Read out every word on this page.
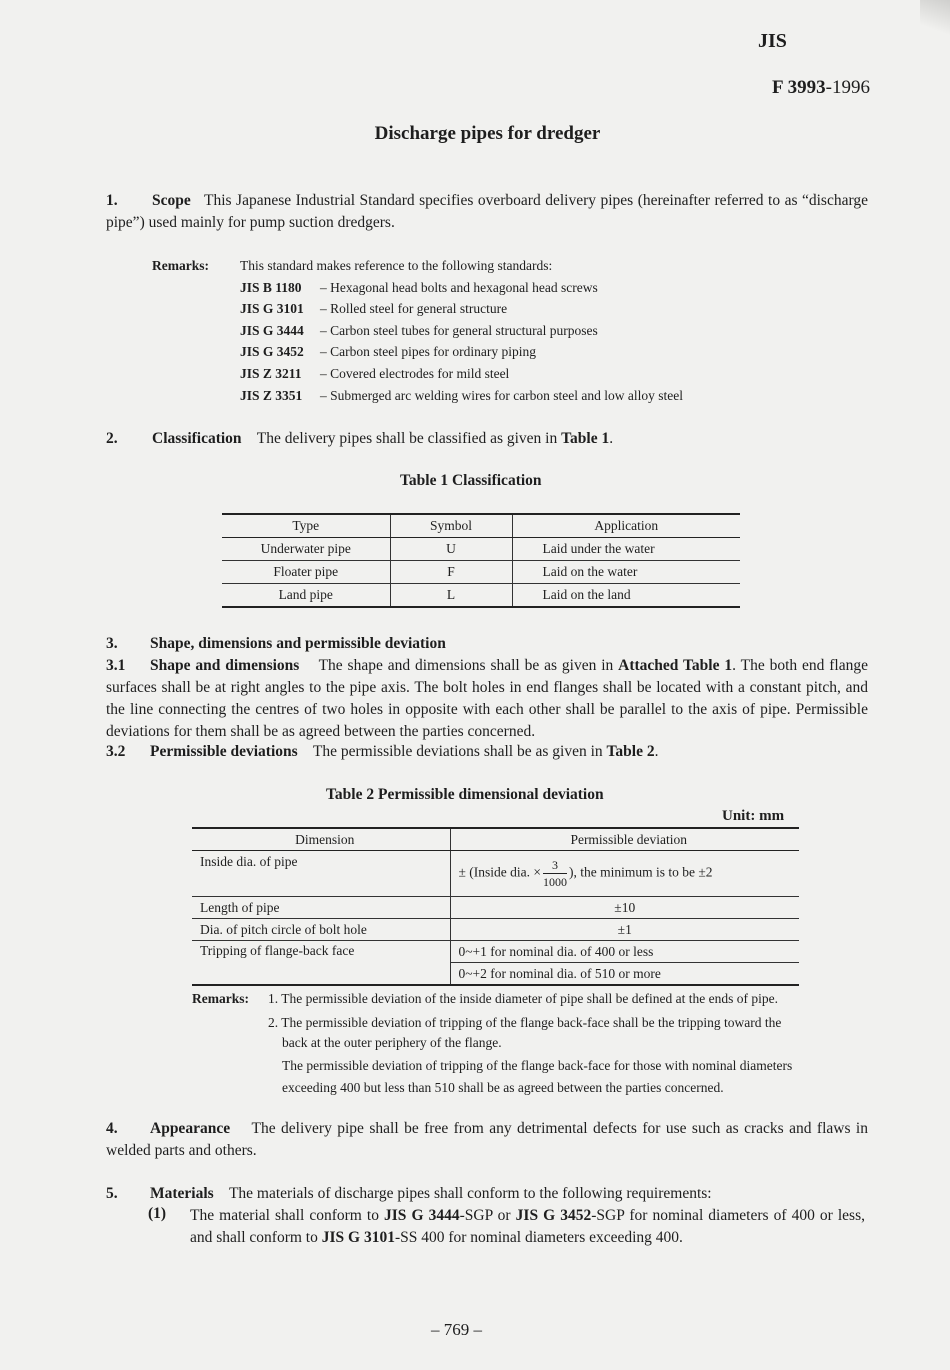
JIS
F 3993-1996
Discharge pipes for dredger
1. Scope This Japanese Industrial Standard specifies overboard delivery pipes (hereinafter referred to as “discharge pipe”) used mainly for pump suction dredgers.
Remarks: This standard makes reference to the following standards:
JIS B 1180 – Hexagonal head bolts and hexagonal head screws
JIS G 3101 – Rolled steel for general structure
JIS G 3444 – Carbon steel tubes for general structural purposes
JIS G 3452 – Carbon steel pipes for ordinary piping
JIS Z 3211 – Covered electrodes for mild steel
JIS Z 3351 – Submerged arc welding wires for carbon steel and low alloy steel
2. Classification The delivery pipes shall be classified as given in Table 1.
Table 1 Classification
Type	Symbol	Application
Underwater pipe	U	Laid under the water
Floater pipe	F	Laid on the water
Land pipe	L	Laid on the land
3. Shape, dimensions and permissible deviation
3.1 Shape and dimensions The shape and dimensions shall be as given in Attached Table 1. The both end flange surfaces shall be at right angles to the pipe axis. The bolt holes in end flanges shall be located with a constant pitch, and the line connecting the centres of two holes in opposite with each other shall be parallel to the axis of pipe. Permissible deviations for them shall be as agreed between the parties concerned.
3.2 Permissible deviations The permissible deviations shall be as given in Table 2.
Table 2 Permissible dimensional deviation
Unit: mm
Dimension	Permissible deviation
Inside dia. of pipe	± (Inside dia. × $\frac{3}{1000}$ ), the minimum is to be ±2
Length of pipe	±10
Dia. of pitch circle of bolt hole	±1
Tripping of flange-back face	0~+1 for nominal dia. of 400 or less
	0~+2 for nominal dia. of 510 or more
Remarks: 1. The permissible deviation of the inside diameter of pipe shall be defined at the ends of pipe.
2. The permissible deviation of tripping of the flange back-face shall be the tripping toward the
back at the outer periphery of the flange.
The permissible deviation of tripping of the flange back-face for those with nominal diameters
exceeding 400 but less than 510 shall be as agreed between the parties concerned.
4. Appearance The delivery pipe shall be free from any detrimental defects for use such as cracks and flaws in welded parts and others.
5. Materials The materials of discharge pipes shall conform to the following requirements:
(1) The material shall conform to JIS G 3444-SGP or JIS G 3452-SGP for nominal diameters of 400 or less, and shall conform to JIS G 3101-SS 400 for nominal diameters exceeding 400.
– 769 –
